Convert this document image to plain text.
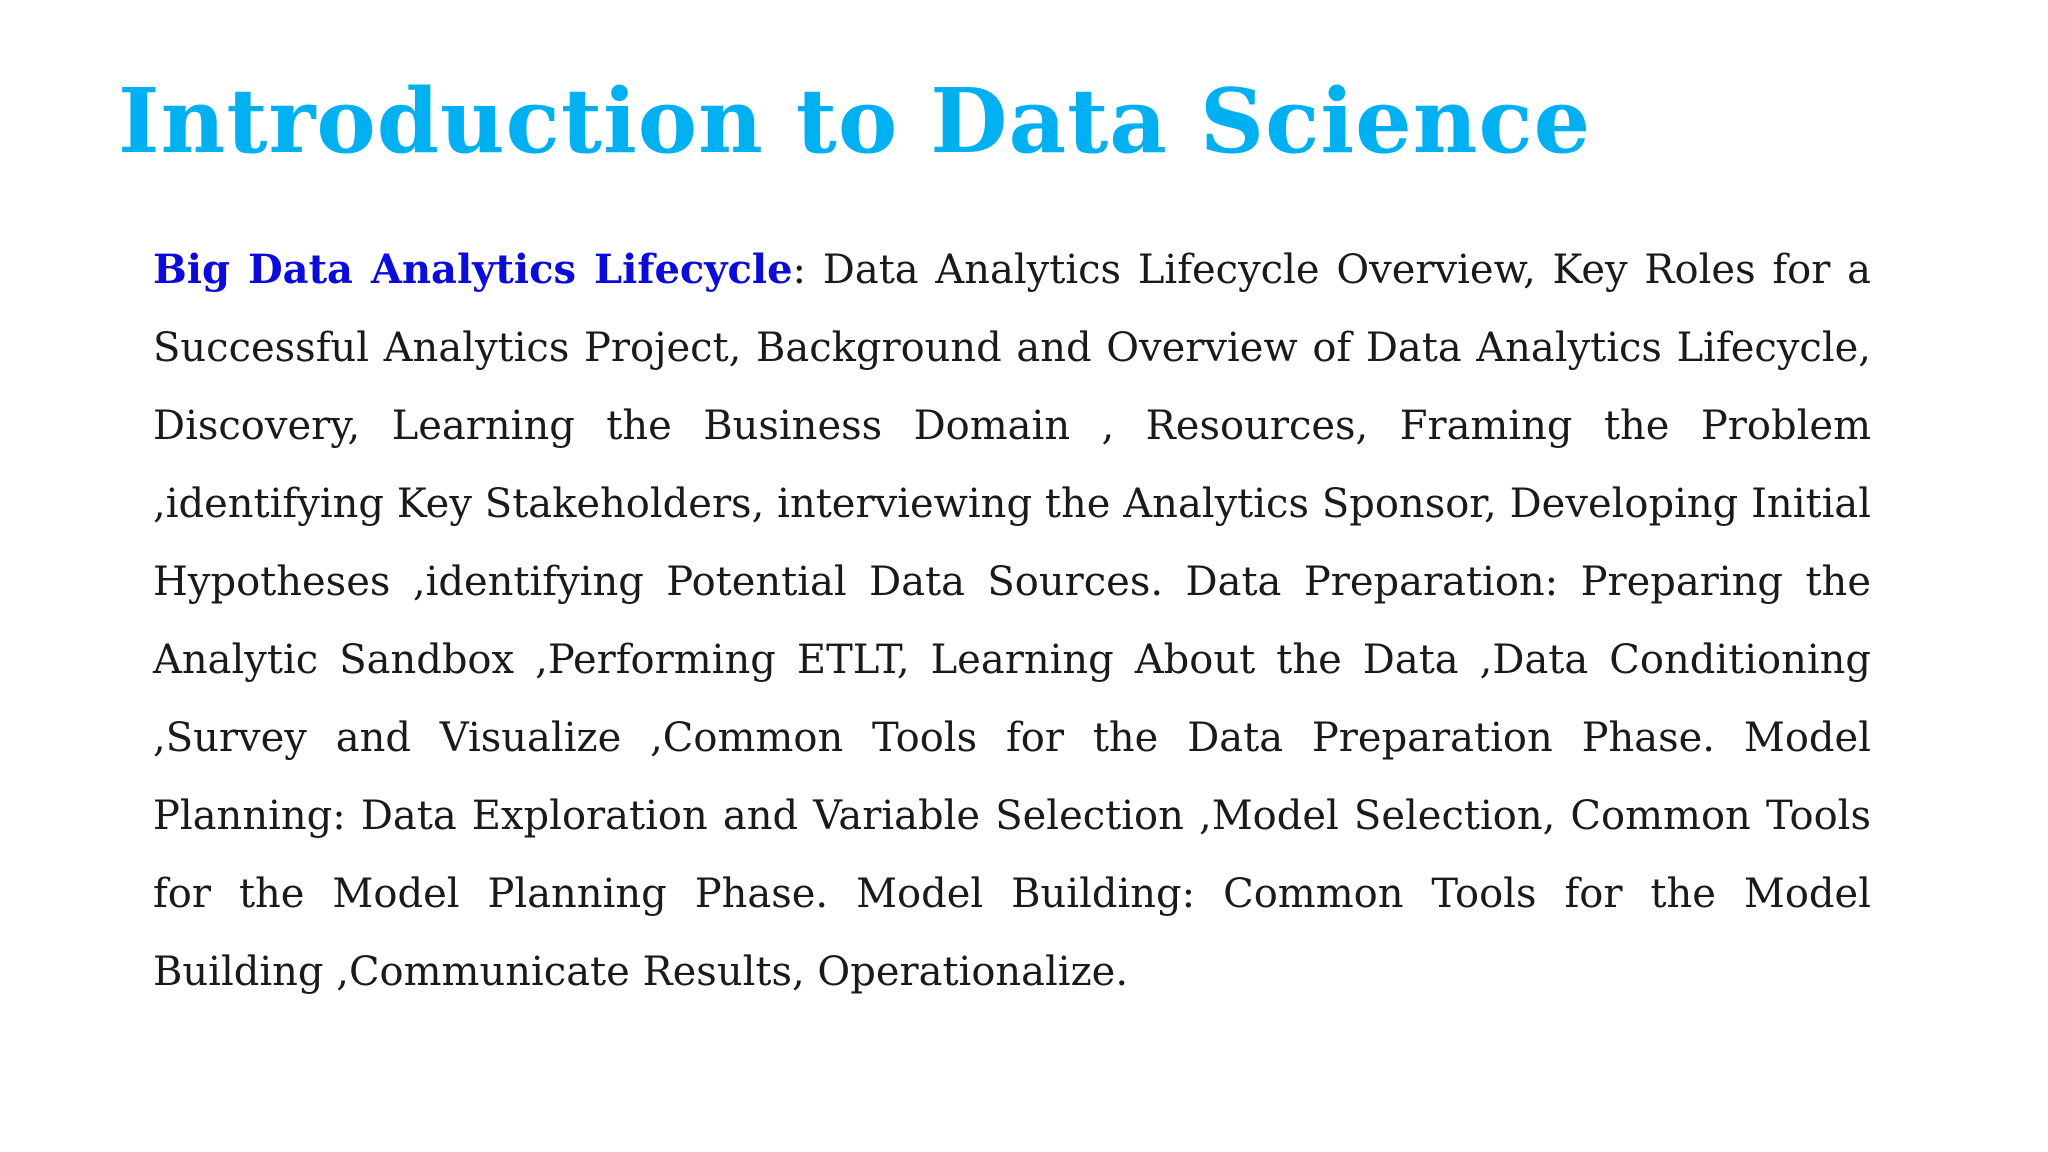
Introduction to Data Science

Big Data Analytics Lifecycle: Data Analytics Lifecycle Overview, Key Roles for a Successful Analytics Project, Background and Overview of Data Analytics Lifecycle, Discovery, Learning the Business Domain , Resources, Framing the Problem ,identifying Key Stakeholders, interviewing the Analytics Sponsor, Developing Initial Hypotheses ,identifying Potential Data Sources. Data Preparation: Preparing the Analytic Sandbox ,Performing ETLT, Learning About the Data ,Data Conditioning ,Survey and Visualize ,Common Tools for the Data Preparation Phase. Model Planning: Data Exploration and Variable Selection ,Model Selection, Common Tools for the Model Planning Phase. Model Building: Common Tools for the Model Building ,Communicate Results, Operationalize.
